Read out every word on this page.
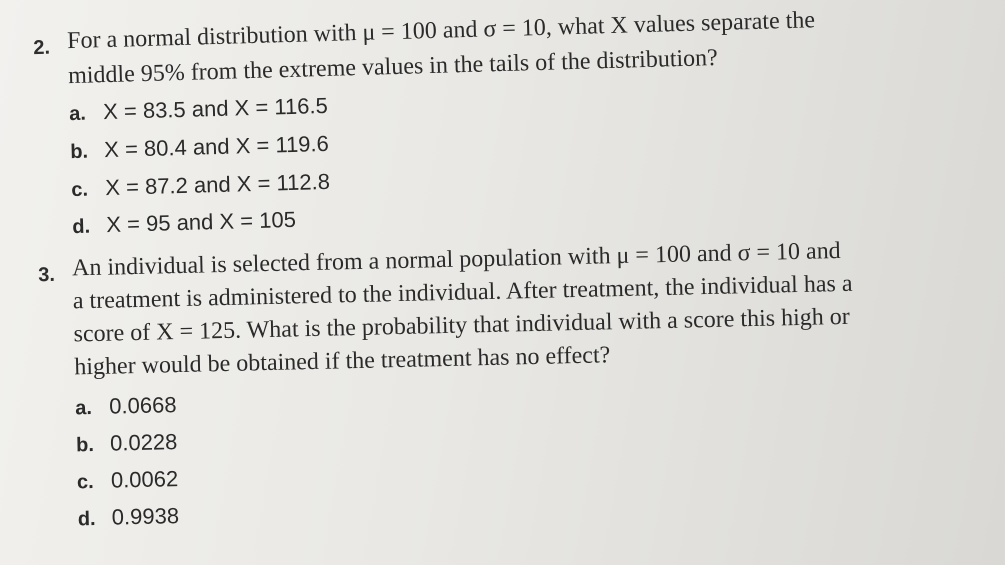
2. For a normal distribution with μ = 100 and σ = 10, what X values separate the
middle 95% from the extreme values in the tails of the distribution?
a. X = 83.5 and X = 116.5
b. X = 80.4 and X = 119.6
c. X = 87.2 and X = 112.8
d. X = 95 and X = 105
3. An individual is selected from a normal population with μ = 100 and σ = 10 and
a treatment is administered to the individual. After treatment, the individual has a
score of X = 125. What is the probability that individual with a score this high or
higher would be obtained if the treatment has no effect?
a. 0.0668
b. 0.0228
c. 0.0062
d. 0.9938
